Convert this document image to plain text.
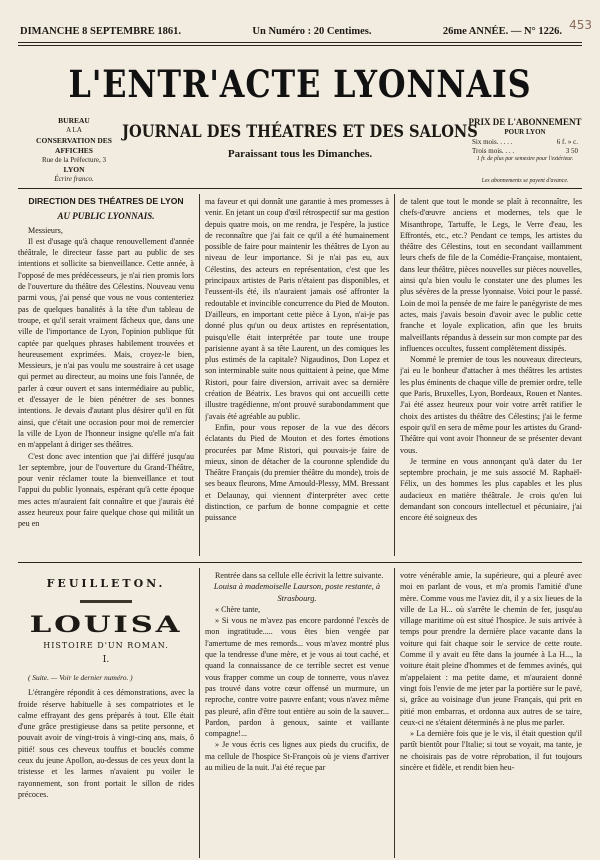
DIMANCHE 8 SEPTEMBRE 1861.	Un Numéro : 20 Centimes.	26me ANNÉE. — N° 1226. 453
L'ENTR'ACTE LYONNAIS
BUREAU
A LA
CONSERVATION DES AFFICHES
Rue de la Préfecture, 3
LYON
Écrire franco.
JOURNAL DES THÉATRES ET DES SALONS
Paraissant tous les Dimanches.
PRIX DE L'ABONNEMENT
POUR LYON
Six mois. . . . .	6 f. » c.
Trois mois. . . .	3 50
1 fr. de plus par semestre pour l'extérieur.
Les abonnements se payent d'avance.
DIRECTION DES THÉATRES DE LYON
AU PUBLIC LYONNAIS.

Messieurs,

Il est d'usage qu'à chaque renouvellement d'année théâtrale, le directeur fasse part au public de ses intentions et sollicite sa bienveillance. Cette année, à l'opposé de mes prédécesseurs, je n'ai rien promis lors de l'ouverture du théâtre des Célestins. Nouveau venu parmi vous, j'ai pensé que vous ne vous contenteriez pas de quelques banalités à la tête d'un tableau de troupe, et qu'il serait vraiment fâcheux que, dans une ville de l'importance de Lyon, l'opinion publique fût captée par quelques phrases habilement trouvées et heureusement exprimées. Mais, croyez-le bien, Messieurs, je n'ai pas voulu me soustraire à cet usage qui permet au directeur, au moins une fois l'année, de parler à cœur ouvert et sans intermédiaire au public, et d'essayer de le bien pénétrer de ses bonnes intentions. Je devais d'autant plus désirer qu'il en fût ainsi, que c'était une occasion pour moi de remercier la ville de Lyon de l'honneur insigne qu'elle m'a fait en m'appelant à diriger ses théâtres.

C'est donc avec intention que j'ai différé jusqu'au 1er septembre, jour de l'ouverture du Grand-Théâtre, pour venir réclamer toute la bienveillance et tout l'appui du public lyonnais, espérant qu'à cette époque mes actes m'auraient fait connaître et que j'aurais été assez heureux pour faire quelque chose qui militât un peu en

ma faveur et qui donnât une garantie à mes promesses à venir. En jetant un coup d'œil rétrospectif sur ma gestion depuis quatre mois, on me rendra, je l'espère, la justice de reconnaître que j'ai fait ce qu'il a été humainement possible de faire pour maintenir les théâtres de Lyon au niveau de leur importance. Si je n'ai pas eu, aux Célestins, des acteurs en représentation, c'est que les principaux artistes de Paris n'étaient pas disponibles, et l'eussent-ils été, ils n'auraient jamais osé affronter la redoutable et invincible concurrence du Pied de Mouton. D'ailleurs, en important cette pièce à Lyon, n'ai-je pas donné plus qu'un ou deux artistes en représentation, puisqu'elle était interprétée par toute une troupe parisienne ayant à sa tête Laurent, un des comiques les plus estimés de la capitale? Nigaudinos, Don Lopez et son interminable suite nous quittaient à peine, que Mme Ristori, pour faire diversion, arrivait avec sa dernière création de Béatrix. Les bravos qui ont accueilli cette illustre tragédienne, m'ont prouvé surabondamment que j'avais été agréable au public.

Enfin, pour vous reposer de la vue des décors éclatants du Pied de Mouton et des fortes émotions procurées par Mme Ristori, qui pouvais-je faire de mieux, sinon de détacher de la couronne splendide du Théâtre Français (du premier théâtre du monde), trois de ses beaux fleurons, Mme Arnould-Plessy, MM. Bressant et Delaunay, qui viennent d'interpréter avec cette distinction, ce parfum de bonne compagnie et cette puissance

de talent que tout le monde se plaît à reconnaître, les chefs-d'œuvre anciens et modernes, tels que le Misanthrope, Tartuffe, le Legs, le Verre d'eau, les Effrontés, etc., etc.? Pendant ce temps, les artistes du théâtre des Célestins, tout en secondant vaillamment leurs chefs de file de la Comédie-Française, montaient, dans leur théâtre, pièces nouvelles sur pièces nouvelles, ainsi qu'a bien voulu le constater une des plumes les plus sévères de la presse lyonnaise. Voici pour le passé. Loin de moi la pensée de me faire le panégyriste de mes actes, mais j'avais besoin d'avoir avec le public cette franche et loyale explication, afin que les bruits malveillants répandus à dessein sur mon compte par des influences occultes, fussent complètement dissipés.

Nommé le premier de tous les nouveaux directeurs, j'ai eu le bonheur d'attacher à mes théâtres les artistes les plus éminents de chaque ville de premier ordre, telle que Paris, Bruxelles, Lyon, Bordeaux, Rouen et Nantes. J'ai été assez heureux pour voir votre arrêt ratifier le choix des artistes du théâtre des Célestins; j'ai le ferme espoir qu'il en sera de même pour les artistes du Grand-Théâtre qui vont avoir l'honneur de se présenter devant vous.

Je termine en vous annonçant qu'à dater du 1er septembre prochain, je me suis associé M. Raphaël-Félix, un des hommes les plus capables et les plus audacieux en matière théâtrale. Je crois qu'en lui demandant son concours intellectuel et pécuniaire, j'ai encore été soigneux des

FEUILLETON.
LOUISA
HISTOIRE D'UN ROMAN.
I.

( Suite. — Voir le dernier numéro. )

L'étrangère répondit à ces démonstrations, avec la froide réserve habituelle à ses compatriotes et le calme effrayant des gens préparés à tout. Elle était d'une grâce prestigieuse dans sa petite personne, et pouvait avoir de vingt-trois à vingt-cinq ans, mais, ô pitié! sous ces cheveux touffus et bouclés comme ceux du jeune Apollon, au-dessus de ces yeux dont la tristesse et les larmes n'avaient pu voiler le rayonnement, son front portait le sillon de rides précoces.

Rentrée dans sa cellule elle écrivit la lettre suivante.

Louisa à mademoiselle Laurson, poste restante, à Strasbourg.

« Chère tante,

» Si vous ne m'avez pas encore pardonné l'excès de mon ingratitude..... vous êtes bien vengée par l'amertume de mes remords... vous m'avez montré plus que la tendresse d'une mère, et je vous ai tout caché, et quand la connaissance de ce terrible secret est venue vous frapper comme un coup de tonnerre, vous n'avez pas trouvé dans votre cœur offensé un murmure, un reproche, contre votre pauvre enfant; vous n'avez même pas pleuré, afin d'être tout entière au soin de la sauver... Pardon, pardon à genoux, sainte et vaillante compagne!...

» Je vous écris ces lignes aux pieds du crucifix, de ma cellule de l'hospice St-François où je viens d'arriver au milieu de la nuit. J'ai été reçue par

votre vénérable amie, la supérieure, qui a pleuré avec moi en parlant de vous, et m'a promis l'amitié d'une mère. Comme vous me l'aviez dit, il y a six lieues de la ville de La H... où s'arrête le chemin de fer, jusqu'au village maritime où est situé l'hospice. Je suis arrivée à temps pour prendre la dernière place vacante dans la voiture qui fait chaque soir le service de cette route. Comme il y avait eu fête dans la journée à La H..., la voiture était pleine d'hommes et de femmes avinés, qui m'appelaient : ma petite dame, et m'auraient donné vingt fois l'envie de me jeter par la portière sur le pavé, si, grâce au voisinage d'un jeune Français, qui prit en pitié mon embarras, et ordonna aux autres de se taire, ceux-ci ne s'étaient déterminés à ne plus me parler.

» La dernière fois que je le vis, il était question qu'il partît bientôt pour l'Italie; si tout se voyait, ma tante, je ne choisirais pas de votre réprobation, il fut toujours sincère et fidèle, et rendit bien heu-
